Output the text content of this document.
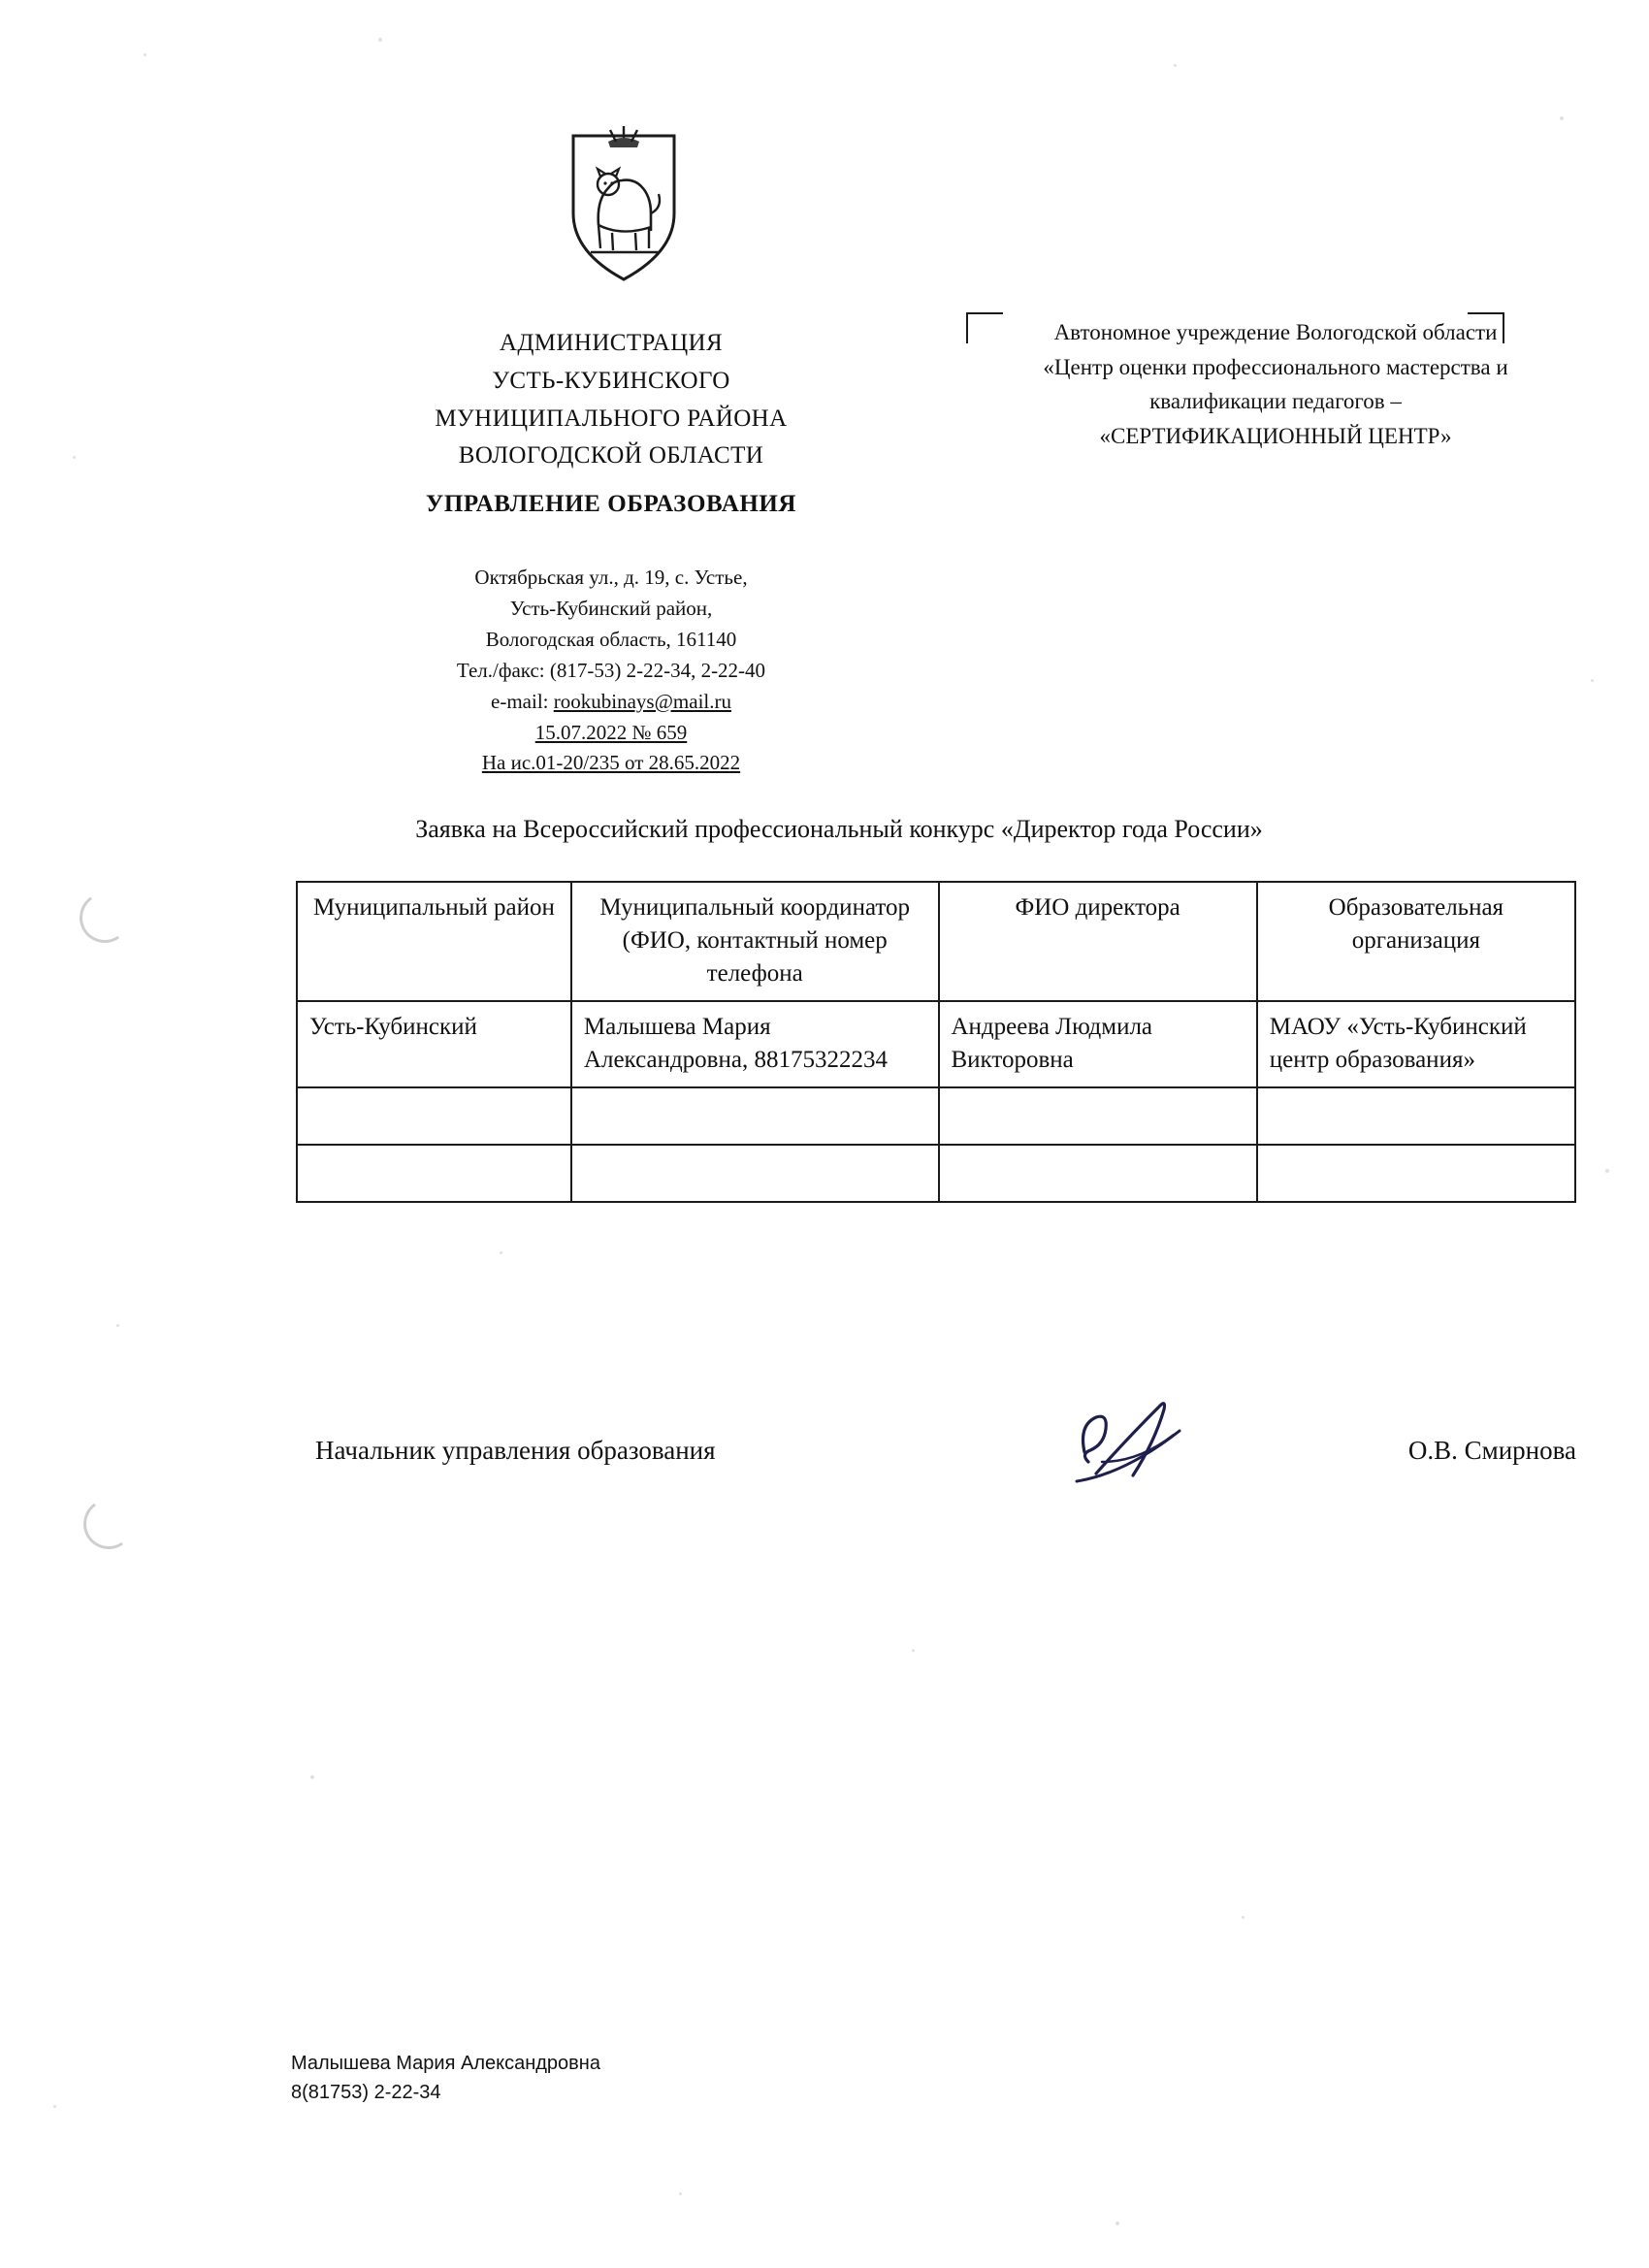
АДМИНИСТРАЦИЯ
УСТЬ-КУБИНСКОГО
МУНИЦИПАЛЬНОГО РАЙОНА
ВОЛОГОДСКОЙ ОБЛАСТИ
УПРАВЛЕНИЕ ОБРАЗОВАНИЯ
Октябрьская ул., д. 19, с. Устье,
Усть-Кубинский район,
Вологодская область, 161140
Тел./факс: (817-53) 2-22-34, 2-22-40
e-mail: rookubinays@mail.ru
15.07.2022 № 659
На ис.01-20/235 от 28.65.2022
Автономное учреждение Вологодской области
«Центр оценки профессионального мастерства и
квалификации педагогов –
«СЕРТИФИКАЦИОННЫЙ ЦЕНТР»
Заявка на Всероссийский профессиональный конкурс «Директор года России»
Муниципальный район	Муниципальный координатор (ФИО, контактный номер телефона	ФИО директора	Образовательная организация
Усть-Кубинский	Малышева Мария Александровна, 88175322234	Андреева Людмила Викторовна	МАОУ «Усть-Кубинский центр образования»

Начальник управления образования	О.В. Смирнова
Малышева Мария Александровна
8(81753) 2-22-34
